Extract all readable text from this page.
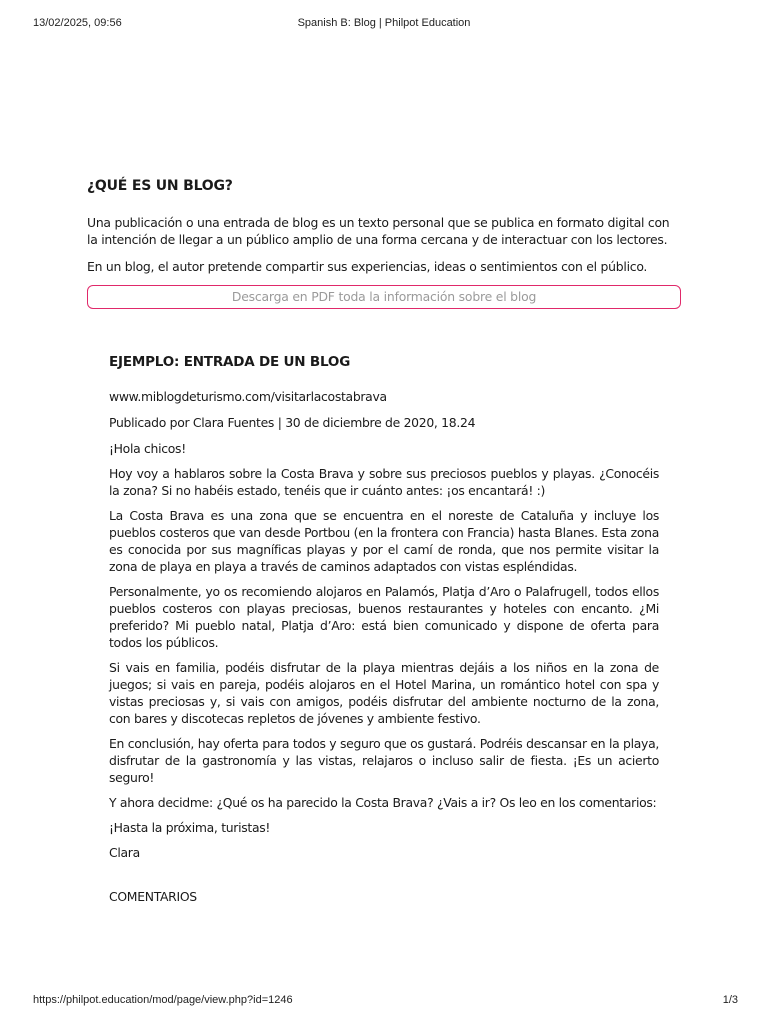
13/02/2025, 09:56	Spanish B: Blog | Philpot Education
¿QUÉ ES UN BLOG?

Una publicación o una entrada de blog es un texto personal que se publica en formato digital con la intención de llegar a un público amplio de una forma cercana y de interactuar con los lectores.

En un blog, el autor pretende compartir sus experiencias, ideas o sentimientos con el público.

Descarga en PDF toda la información sobre el blog
EJEMPLO: ENTRADA DE UN BLOG

www.miblogdeturismo.com/visitarlacostabrava

Publicado por Clara Fuentes | 30 de diciembre de 2020, 18.24

¡Hola chicos!

Hoy voy a hablaros sobre la Costa Brava y sobre sus preciosos pueblos y playas. ¿Conocéis la zona? Si no habéis estado, tenéis que ir cuánto antes: ¡os encantará! :)

La Costa Brava es una zona que se encuentra en el noreste de Cataluña y incluye los pueblos costeros que van desde Portbou (en la frontera con Francia) hasta Blanes. Esta zona es conocida por sus magníficas playas y por el camí de ronda, que nos permite visitar la zona de playa en playa a través de caminos adaptados con vistas espléndidas.

Personalmente, yo os recomiendo alojaros en Palamós, Platja d’Aro o Palafrugell, todos ellos pueblos costeros con playas preciosas, buenos restaurantes y hoteles con encanto. ¿Mi preferido? Mi pueblo natal, Platja d’Aro: está bien comunicado y dispone de oferta para todos los públicos.

Si vais en familia, podéis disfrutar de la playa mientras dejáis a los niños en la zona de juegos; si vais en pareja, podéis alojaros en el Hotel Marina, un romántico hotel con spa y vistas preciosas y, si vais con amigos, podéis disfrutar del ambiente nocturno de la zona, con bares y discotecas repletos de jóvenes y ambiente festivo.

En conclusión, hay oferta para todos y seguro que os gustará. Podréis descansar en la playa, disfrutar de la gastronomía y las vistas, relajaros o incluso salir de fiesta. ¡Es un acierto seguro!

Y ahora decidme: ¿Qué os ha parecido la Costa Brava? ¿Vais a ir? Os leo en los comentarios:

¡Hasta la próxima, turistas!

Clara

COMENTARIOS
https://philpot.education/mod/page/view.php?id=1246	1/3
